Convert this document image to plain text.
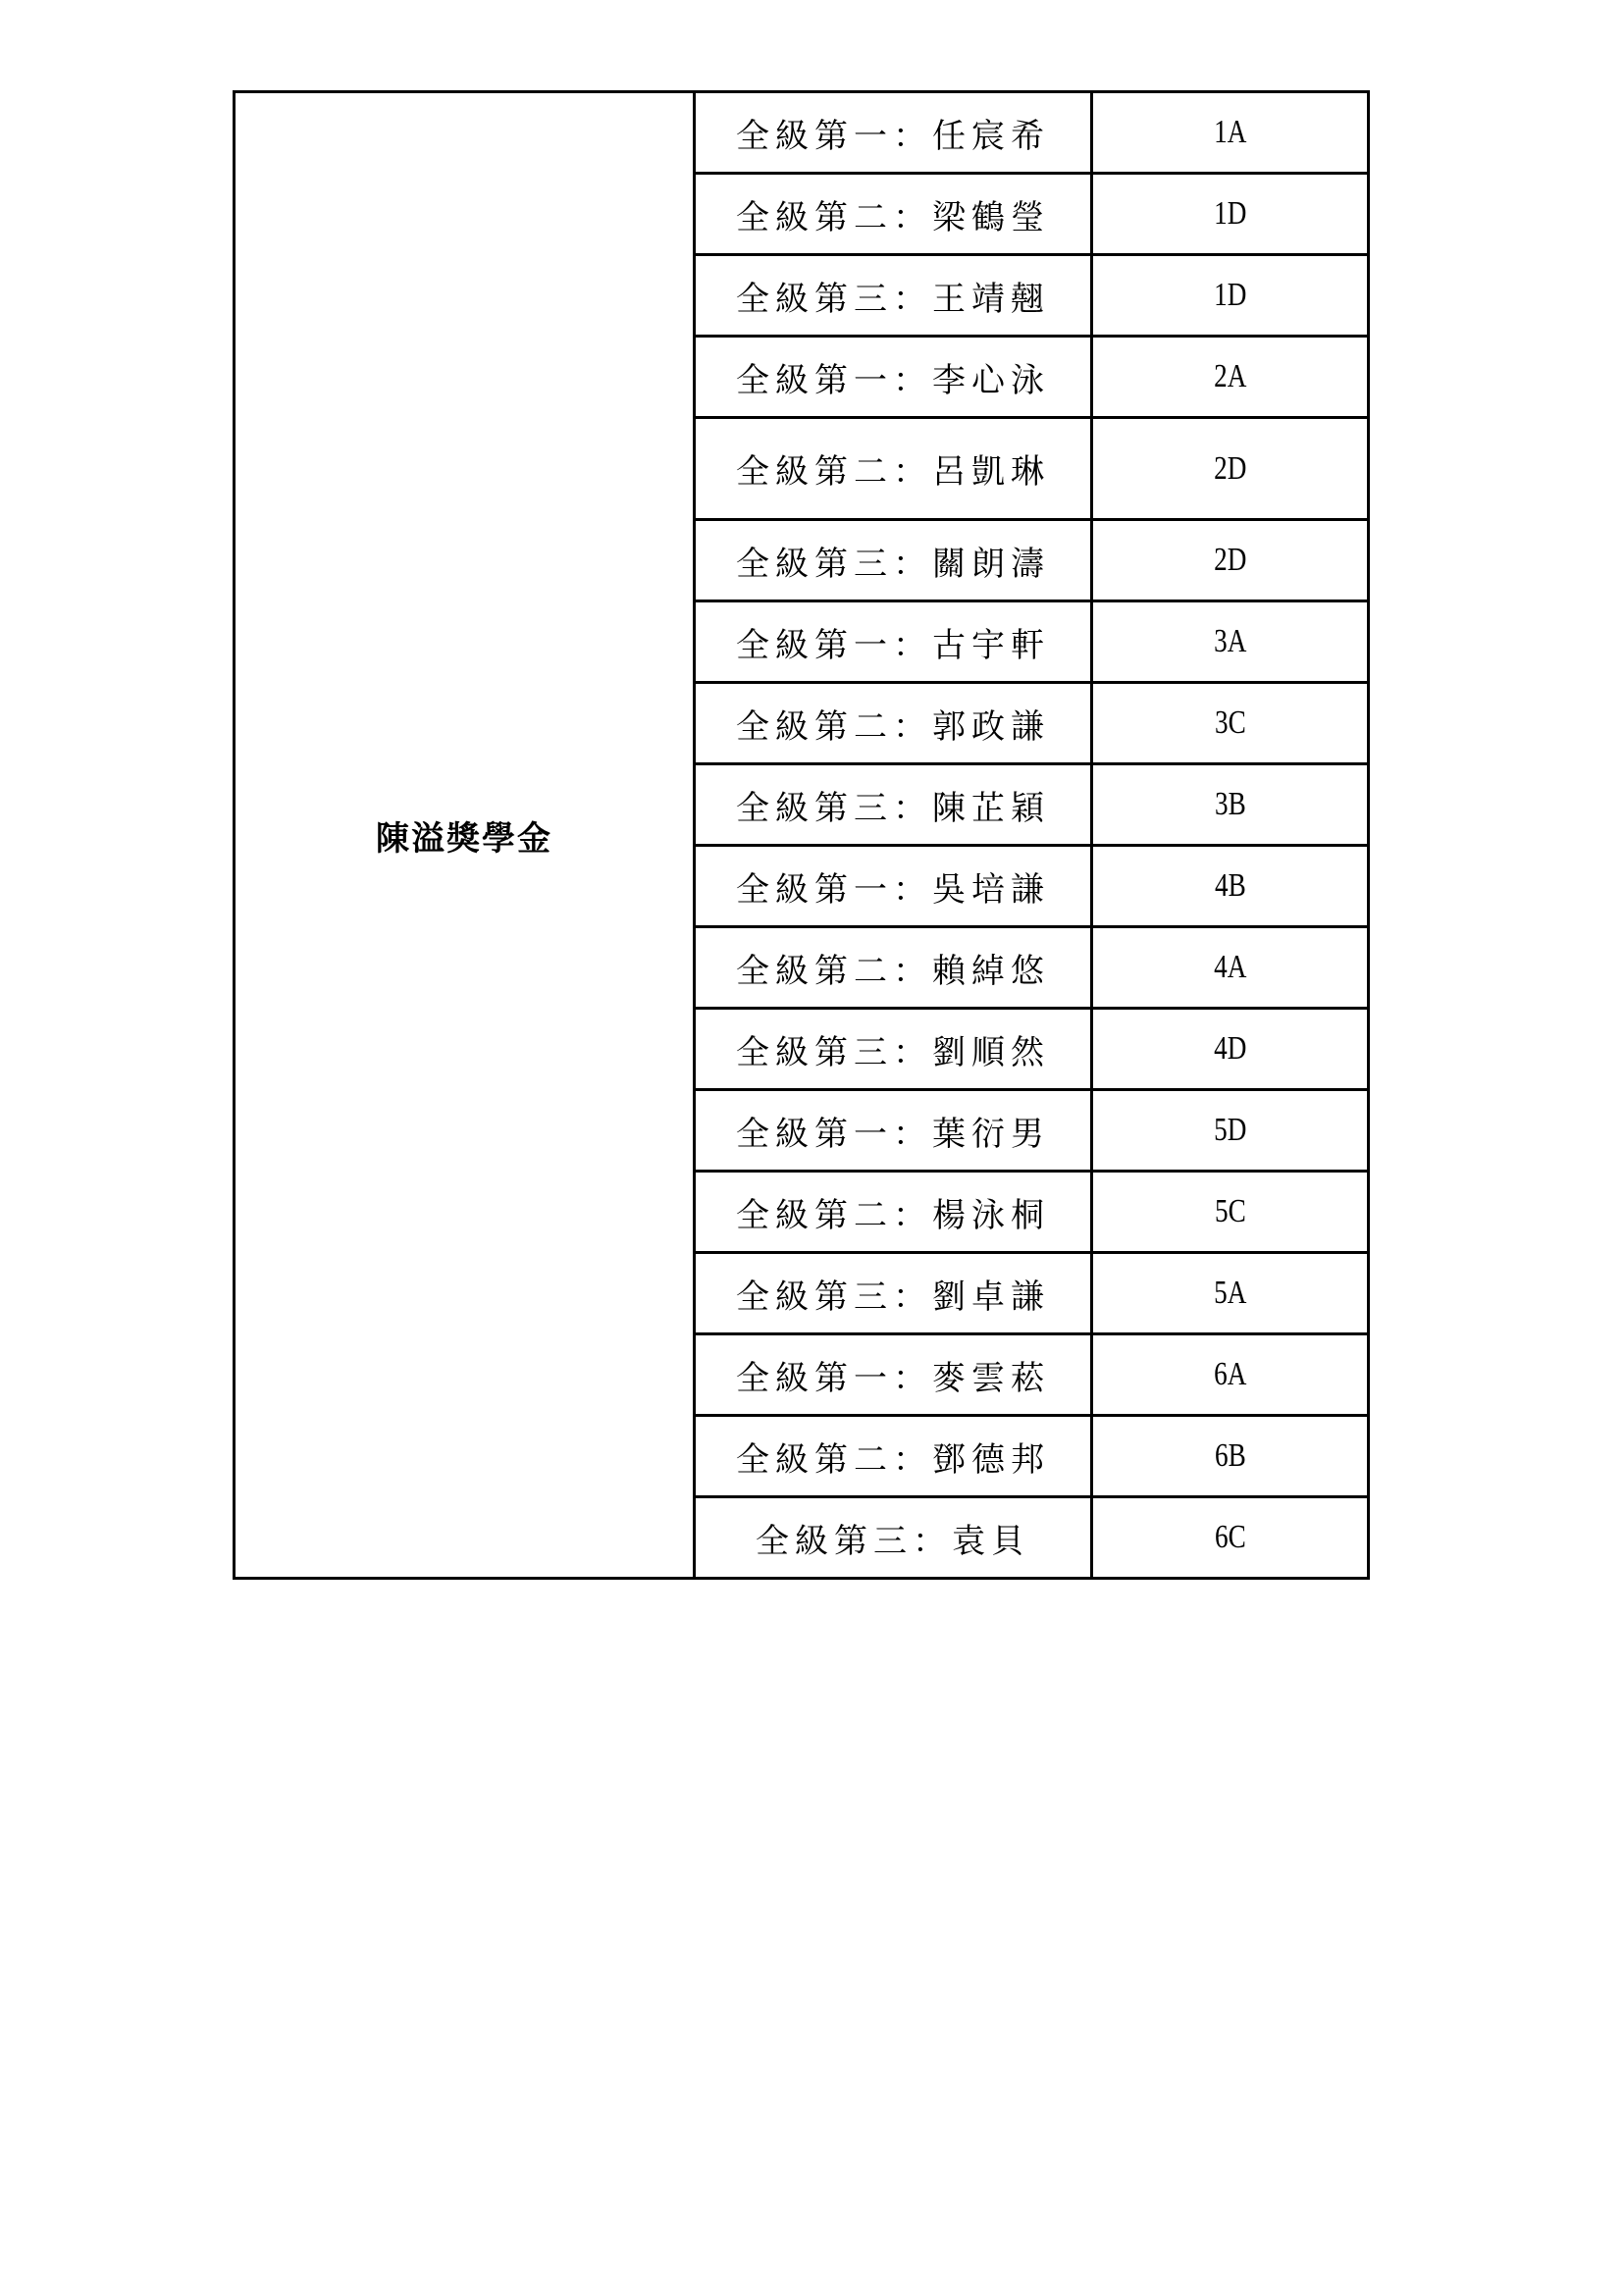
陳溢獎學金	全級第一：任宸希	1A
	全級第二：梁鶴瑩	1D
	全級第三：王靖翹	1D
	全級第一：李心泳	2A
	全級第二：呂凱琳	2D
	全級第三：關朗濤	2D
	全級第一：古宇軒	3A
	全級第二：郭政謙	3C
	全級第三：陳芷穎	3B
	全級第一：吳培謙	4B
	全級第二：賴綽悠	4A
	全級第三：劉順然	4D
	全級第一：葉衍男	5D
	全級第二：楊泳桐	5C
	全級第三：劉卓謙	5A
	全級第一：麥雲菘	6A
	全級第二：鄧德邦	6B
	全級第三：袁貝	6C
